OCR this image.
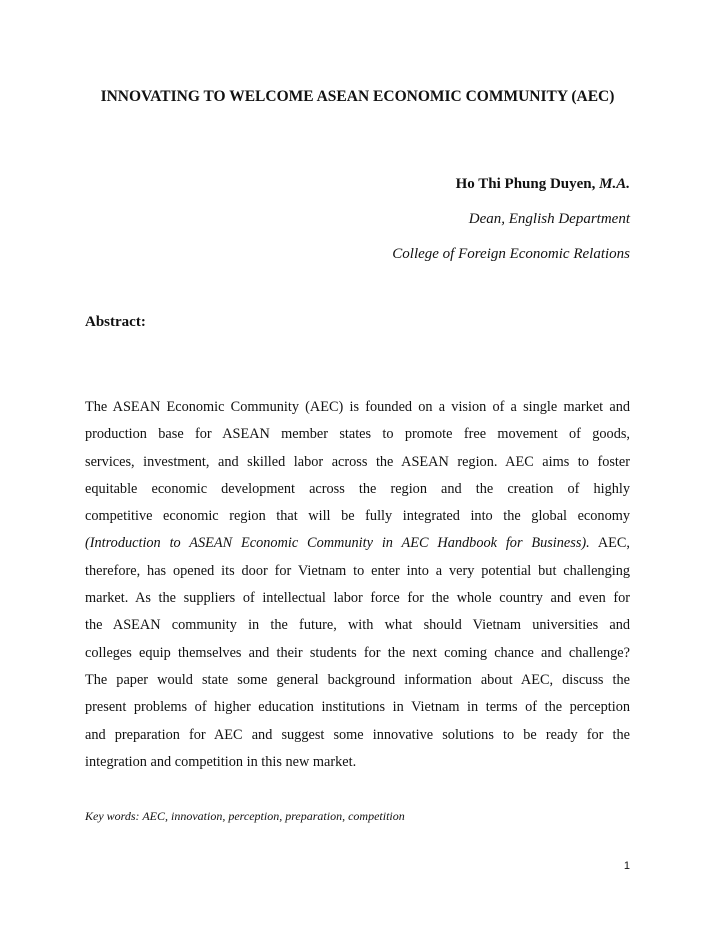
INNOVATING TO WELCOME ASEAN ECONOMIC COMMUNITY (AEC)
Ho Thi Phung Duyen, M.A.
Dean, English Department
College of Foreign Economic Relations
Abstract:
The ASEAN Economic Community (AEC) is founded on a vision of a single market and
production base for ASEAN member states to promote free movement of goods,
services, investment, and skilled labor across the ASEAN region. AEC aims to foster
equitable economic development across the region and the creation of highly
competitive economic region that will be fully integrated into the global economy
(Introduction to ASEAN Economic Community in AEC Handbook for Business). AEC,
therefore, has opened its door for Vietnam to enter into a very potential but challenging
market. As the suppliers of intellectual labor force for the whole country and even for
the ASEAN community in the future, with what should Vietnam universities and
colleges equip themselves and their students for the next coming chance and challenge?
The paper would state some general background information about AEC, discuss the
present problems of higher education institutions in Vietnam in terms of the perception
and preparation for AEC and suggest some innovative solutions to be ready for the
integration and competition in this new market.
Key words: AEC, innovation, perception, preparation, competition
1
